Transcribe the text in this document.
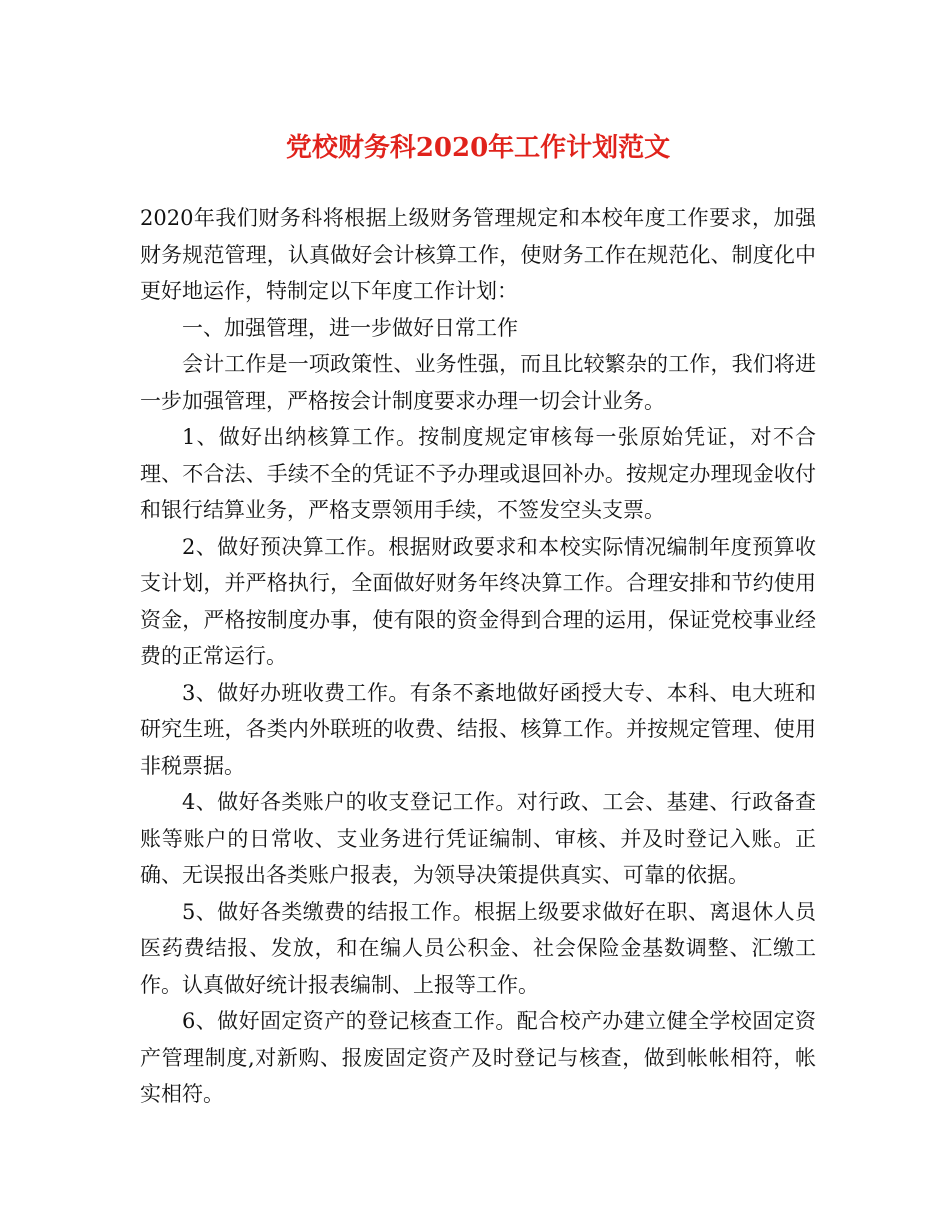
党校财务科2020年工作计划范文

2020年我们财务科将根据上级财务管理规定和本校年度工作要求，加强财务规范管理，认真做好会计核算工作，使财务工作在规范化、制度化中更好地运作，特制定以下年度工作计划：

一、加强管理，进一步做好日常工作

会计工作是一项政策性、业务性强，而且比较繁杂的工作，我们将进一步加强管理，严格按会计制度要求办理一切会计业务。

1、做好出纳核算工作。按制度规定审核每一张原始凭证，对不合理、不合法、手续不全的凭证不予办理或退回补办。按规定办理现金收付和银行结算业务，严格支票领用手续，不签发空头支票。

2、做好预决算工作。根据财政要求和本校实际情况编制年度预算收支计划，并严格执行，全面做好财务年终决算工作。合理安排和节约使用资金，严格按制度办事，使有限的资金得到合理的运用，保证党校事业经费的正常运行。

3、做好办班收费工作。有条不紊地做好函授大专、本科、电大班和研究生班，各类内外联班的收费、结报、核算工作。并按规定管理、使用非税票据。

4、做好各类账户的收支登记工作。对行政、工会、基建、行政备查账等账户的日常收、支业务进行凭证编制、审核、并及时登记入账。正确、无误报出各类账户报表，为领导决策提供真实、可靠的依据。

5、做好各类缴费的结报工作。根据上级要求做好在职、离退休人员医药费结报、发放，和在编人员公积金、社会保险金基数调整、汇缴工作。认真做好统计报表编制、上报等工作。

6、做好固定资产的登记核查工作。配合校产办建立健全学校固定资产管理制度,对新购、报废固定资产及时登记与核查，做到帐帐相符，帐实相符。
